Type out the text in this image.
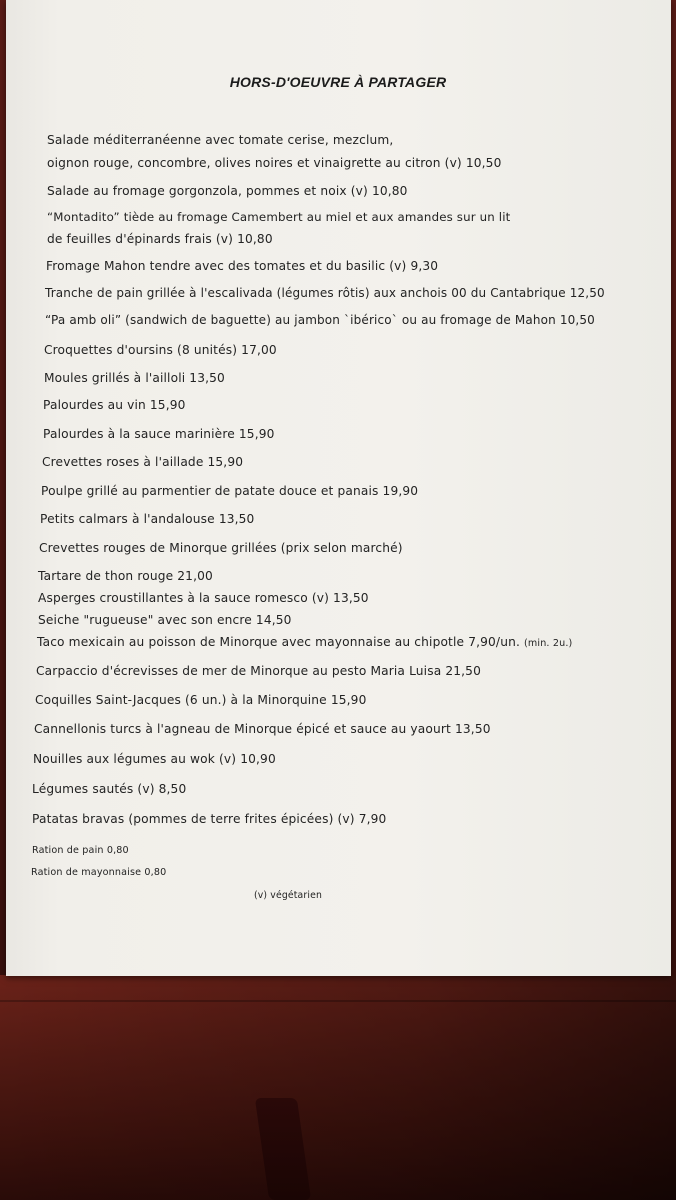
HORS-D'OEUVRE À PARTAGER
Salade méditerranéenne avec tomate cerise, mezclum,
oignon rouge, concombre, olives noires et vinaigrette au citron (v) 10,50
Salade au fromage gorgonzola, pommes et noix (v) 10,80
“Montadito” tiède au fromage Camembert au miel et aux amandes sur un lit
de feuilles d'épinards frais (v) 10,80
Fromage Mahon tendre avec des tomates et du basilic (v) 9,30
Tranche de pain grillée à l'escalivada (légumes rôtis) aux anchois 00 du Cantabrique 12,50
“Pa amb oli” (sandwich de baguette) au jambon `ibérico` ou au fromage de Mahon 10,50
Croquettes d'oursins (8 unités) 17,00
Moules grillés à l'ailloli 13,50
Palourdes au vin 15,90
Palourdes à la sauce marinière 15,90
Crevettes roses à l'aillade 15,90
Poulpe grillé au parmentier de patate douce et panais 19,90
Petits calmars à l'andalouse 13,50
Crevettes rouges de Minorque grillées (prix selon marché)
Tartare de thon rouge 21,00
Asperges croustillantes à la sauce romesco (v) 13,50
Seiche "rugueuse" avec son encre 14,50
Taco mexicain au poisson de Minorque avec mayonnaise au chipotle 7,90/un. (min. 2u.)
Carpaccio d'écrevisses de mer de Minorque au pesto Maria Luisa 21,50
Coquilles Saint-Jacques (6 un.) à la Minorquine 15,90
Cannellonis turcs à l'agneau de Minorque épicé et sauce au yaourt 13,50
Nouilles aux légumes au wok (v) 10,90
Légumes sautés (v) 8,50
Patatas bravas (pommes de terre frites épicées) (v) 7,90
Ration de pain 0,80
Ration de mayonnaise 0,80
(v) végétarien
